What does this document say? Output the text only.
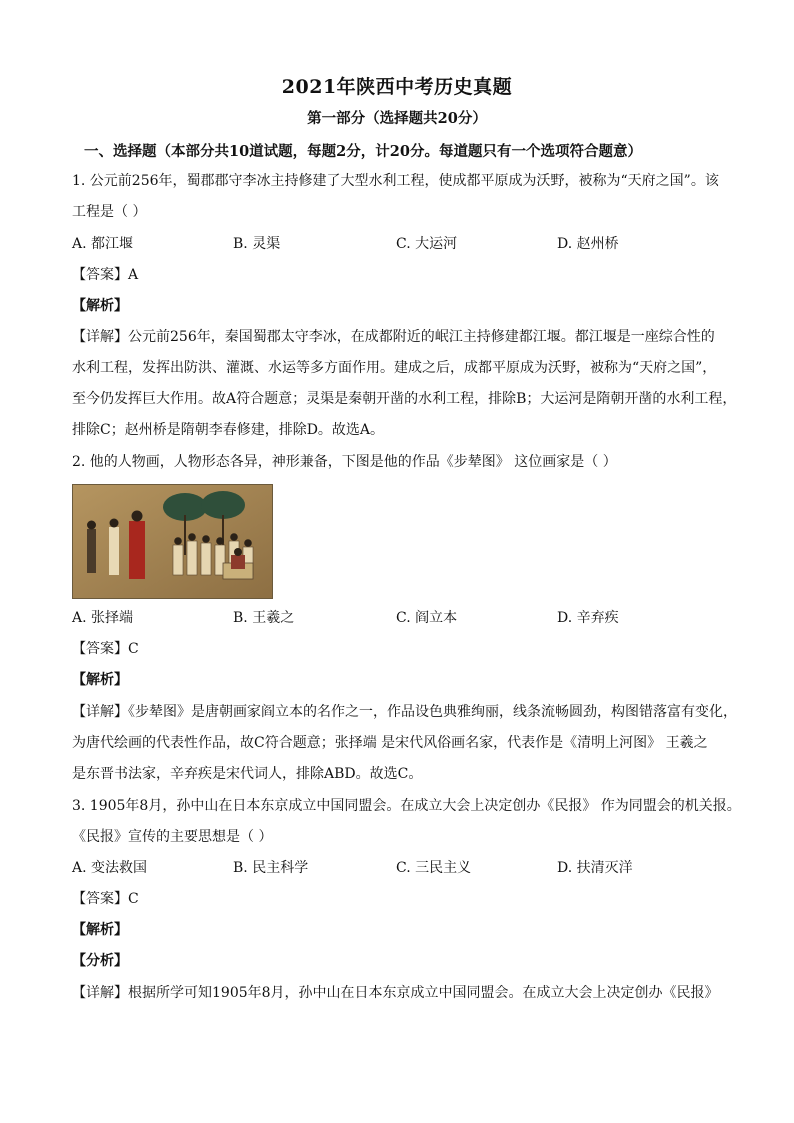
2021年陕西中考历史真题
第一部分（选择题共20分）
一、选择题（本部分共10道试题，每题2分，计20分。每道题只有一个选项符合题意）
1. 公元前256年，蜀郡郡守李冰主持修建了大型水利工程，使成都平原成为沃野，被称为“天府之国”。该
工程是（ ）
A. 都江堰	B. 灵渠	C. 大运河	D. 赵州桥
【答案】A
【解析】
【详解】公元前256年，秦国蜀郡太守李冰，在成都附近的岷江主持修建都江堰。都江堰是一座综合性的
水利工程，发挥出防洪、灌溉、水运等多方面作用。建成之后，成都平原成为沃野，被称为“天府之国”，
至今仍发挥巨大作用。故A符合题意；灵渠是秦朝开凿的水利工程，排除B；大运河是隋朝开凿的水利工程，
排除C；赵州桥是隋朝李春修建，排除D。故选A。
2. 他的人物画，人物形态各异，神形兼备，下图是他的作品《步辇图》 这位画家是（ ）
A. 张择端	B. 王羲之	C. 阎立本	D. 辛弃疾
【答案】C
【解析】
【详解】《步辇图》是唐朝画家阎立本的名作之一，作品设色典雅绚丽，线条流畅圆劲，构图错落富有变化，
为唐代绘画的代表性作品，故C符合题意；张择端 是宋代风俗画名家，代表作是《清明上河图》 王羲之
是东晋书法家，辛弃疾是宋代词人，排除ABD。故选C。
3. 1905年8月，孙中山在日本东京成立中国同盟会。在成立大会上决定创办《民报》 作为同盟会的机关报。
《民报》宣传的主要思想是（ ）
A. 变法救国	B. 民主科学	C. 三民主义	D. 扶清灭洋
【答案】C
【解析】
【分析】
【详解】根据所学可知1905年8月，孙中山在日本东京成立中国同盟会。在成立大会上决定创办《民报》
